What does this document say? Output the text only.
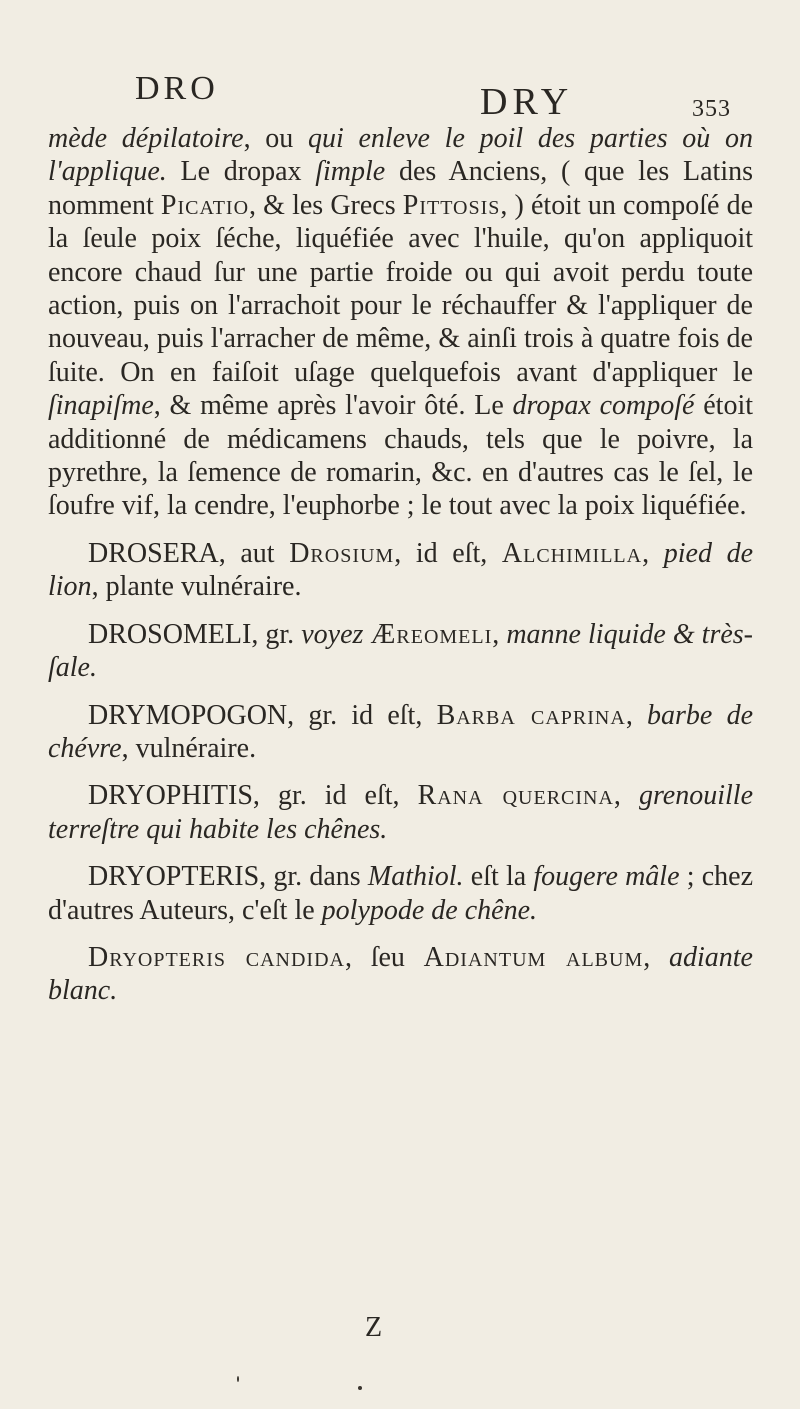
DRO	DRY	353

mède dépilatoire, ou qui enleve le poil des parties où on l'applique. Le dropax ſimple des Anciens, ( que les Latins nomment Picatio, & les Grecs Pittosis, ) étoit un compoſé de la ſeule poix ſéche, liquéfiée avec l'huile, qu'on appliquoit encore chaud ſur une partie froide ou qui avoit perdu toute action, puis on l'arrachoit pour le réchauffer & l'appliquer de nouveau, puis l'arracher de même, & ainſi trois à quatre fois de ſuite. On en faiſoit uſage quelquefois avant d'appliquer le ſinapiſme, & même après l'avoir ôté. Le dropax compoſé étoit additionné de médicamens chauds, tels que le poivre, la pyrethre, la ſemence de romarin, &c. en d'autres cas le ſel, le ſoufre vif, la cendre, l'euphorbe ; le tout avec la poix liquéfiée.

DROSERA, aut Drosium, id eſt, Alchimilla, pied de lion, plante vulnéraire.

DROSOMELI, gr. voyez Æreomeli, manne liquide & très-ſale.

DRYMOPOGON, gr. id eſt, Barba caprina, barbe de chévre, vulnéraire.

DRYOPHITIS, gr. id eſt, Rana quercina, grenouille terreſtre qui habite les chênes.

DRYOPTERIS, gr. dans Mathiol. eſt la fougere mâle ; chez d'autres Auteurs, c'eſt le polypode de chêne.

Dryopteris candida, ſeu Adiantum album, adiante blanc.

Z
